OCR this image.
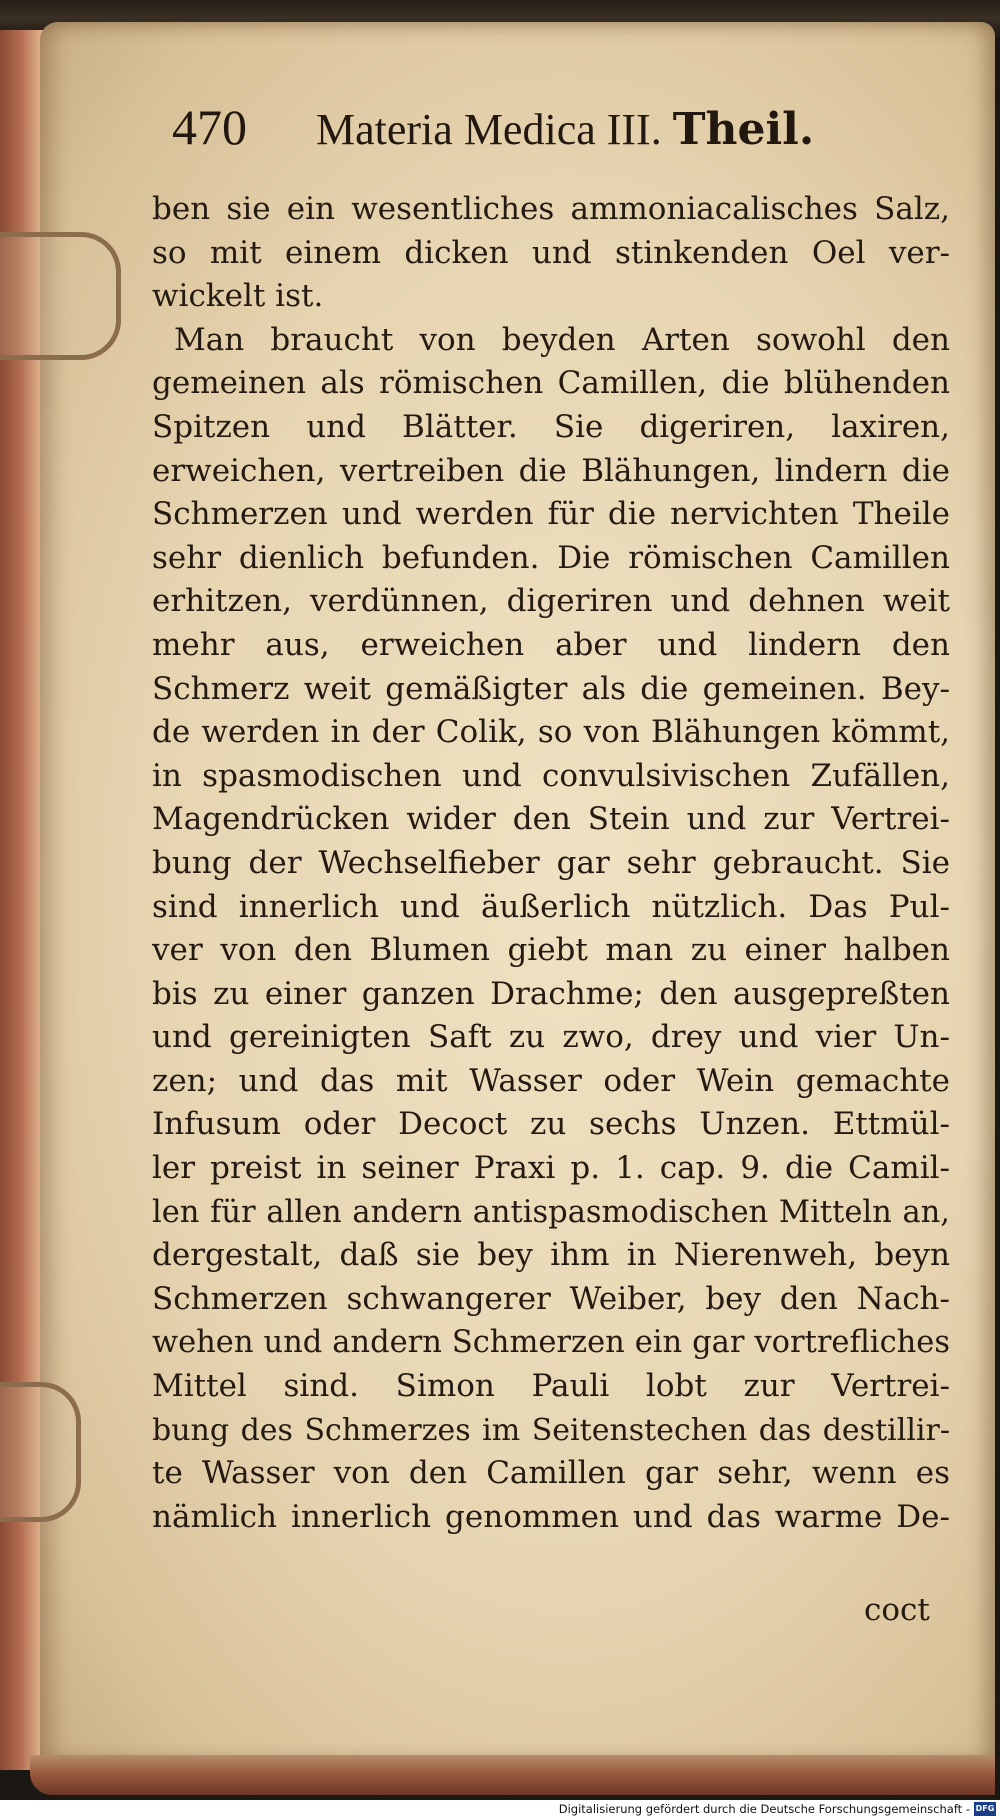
470 Materia Medica III. Theil.
ben sie ein wesentliches ammoniacalisches Salz,
so mit einem dicken und stinkenden Oel ver-
wickelt ist.
Man braucht von beyden Arten sowohl den
gemeinen als römischen Camillen, die blühenden
Spitzen und Blätter. Sie digeriren, laxiren,
erweichen, vertreiben die Blähungen, lindern die
Schmerzen und werden für die nervichten Theile
sehr dienlich befunden. Die römischen Camillen
erhitzen, verdünnen, digeriren und dehnen weit
mehr aus, erweichen aber und lindern den
Schmerz weit gemäßigter als die gemeinen. Bey-
de werden in der Colik, so von Blähungen kömmt,
in spasmodischen und convulsivischen Zufällen,
Magendrücken wider den Stein und zur Vertrei-
bung der Wechselfieber gar sehr gebraucht. Sie
sind innerlich und äußerlich nützlich. Das Pul-
ver von den Blumen giebt man zu einer halben
bis zu einer ganzen Drachme; den ausgepreßten
und gereinigten Saft zu zwo, drey und vier Un-
zen; und das mit Wasser oder Wein gemachte
Infusum oder Decoct zu sechs Unzen. Ettmül-
ler preist in seiner Praxi p. 1. cap. 9. die Camil-
len für allen andern antispasmodischen Mitteln an,
dergestalt, daß sie bey ihm in Nierenweh, beyn
Schmerzen schwangerer Weiber, bey den Nach-
wehen und andern Schmerzen ein gar vortrefliches
Mittel sind. Simon Pauli lobt zur Vertrei-
bung des Schmerzes im Seitenstechen das destillir-
te Wasser von den Camillen gar sehr, wenn es
nämlich innerlich genommen und das warme De-
coct
Digitalisierung gefördert durch die Deutsche Forschungsgemeinschaft - DFG
